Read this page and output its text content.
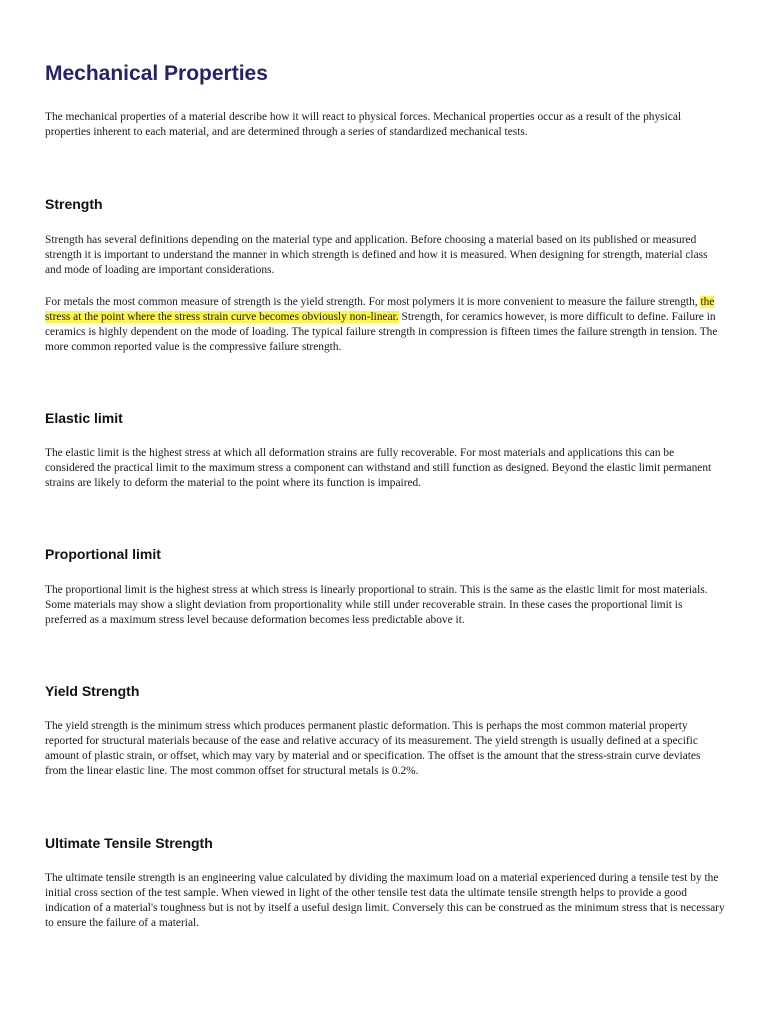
Mechanical Properties

The mechanical properties of a material describe how it will react to physical forces. Mechanical properties occur as a result of the physical properties inherent to each material, and are determined through a series of standardized mechanical tests.

Strength

Strength has several definitions depending on the material type and application. Before choosing a material based on its published or measured strength it is important to understand the manner in which strength is defined and how it is measured. When designing for strength, material class and mode of loading are important considerations.

For metals the most common measure of strength is the yield strength. For most polymers it is more convenient to measure the failure strength, the stress at the point where the stress strain curve becomes obviously non-linear. Strength, for ceramics however, is more difficult to define. Failure in ceramics is highly dependent on the mode of loading. The typical failure strength in compression is fifteen times the failure strength in tension. The more common reported value is the compressive failure strength.

Elastic limit

The elastic limit is the highest stress at which all deformation strains are fully recoverable. For most materials and applications this can be considered the practical limit to the maximum stress a component can withstand and still function as designed. Beyond the elastic limit permanent strains are likely to deform the material to the point where its function is impaired.

Proportional limit

The proportional limit is the highest stress at which stress is linearly proportional to strain. This is the same as the elastic limit for most materials. Some materials may show a slight deviation from proportionality while still under recoverable strain. In these cases the proportional limit is preferred as a maximum stress level because deformation becomes less predictable above it.

Yield Strength

The yield strength is the minimum stress which produces permanent plastic deformation. This is perhaps the most common material property reported for structural materials because of the ease and relative accuracy of its measurement. The yield strength is usually defined at a specific amount of plastic strain, or offset, which may vary by material and or specification. The offset is the amount that the stress-strain curve deviates from the linear elastic line. The most common offset for structural metals is 0.2%.

Ultimate Tensile Strength

The ultimate tensile strength is an engineering value calculated by dividing the maximum load on a material experienced during a tensile test by the initial cross section of the test sample. When viewed in light of the other tensile test data the ultimate tensile strength helps to provide a good indication of a material's toughness but is not by itself a useful design limit. Conversely this can be construed as the minimum stress that is necessary to ensure the failure of a material.
